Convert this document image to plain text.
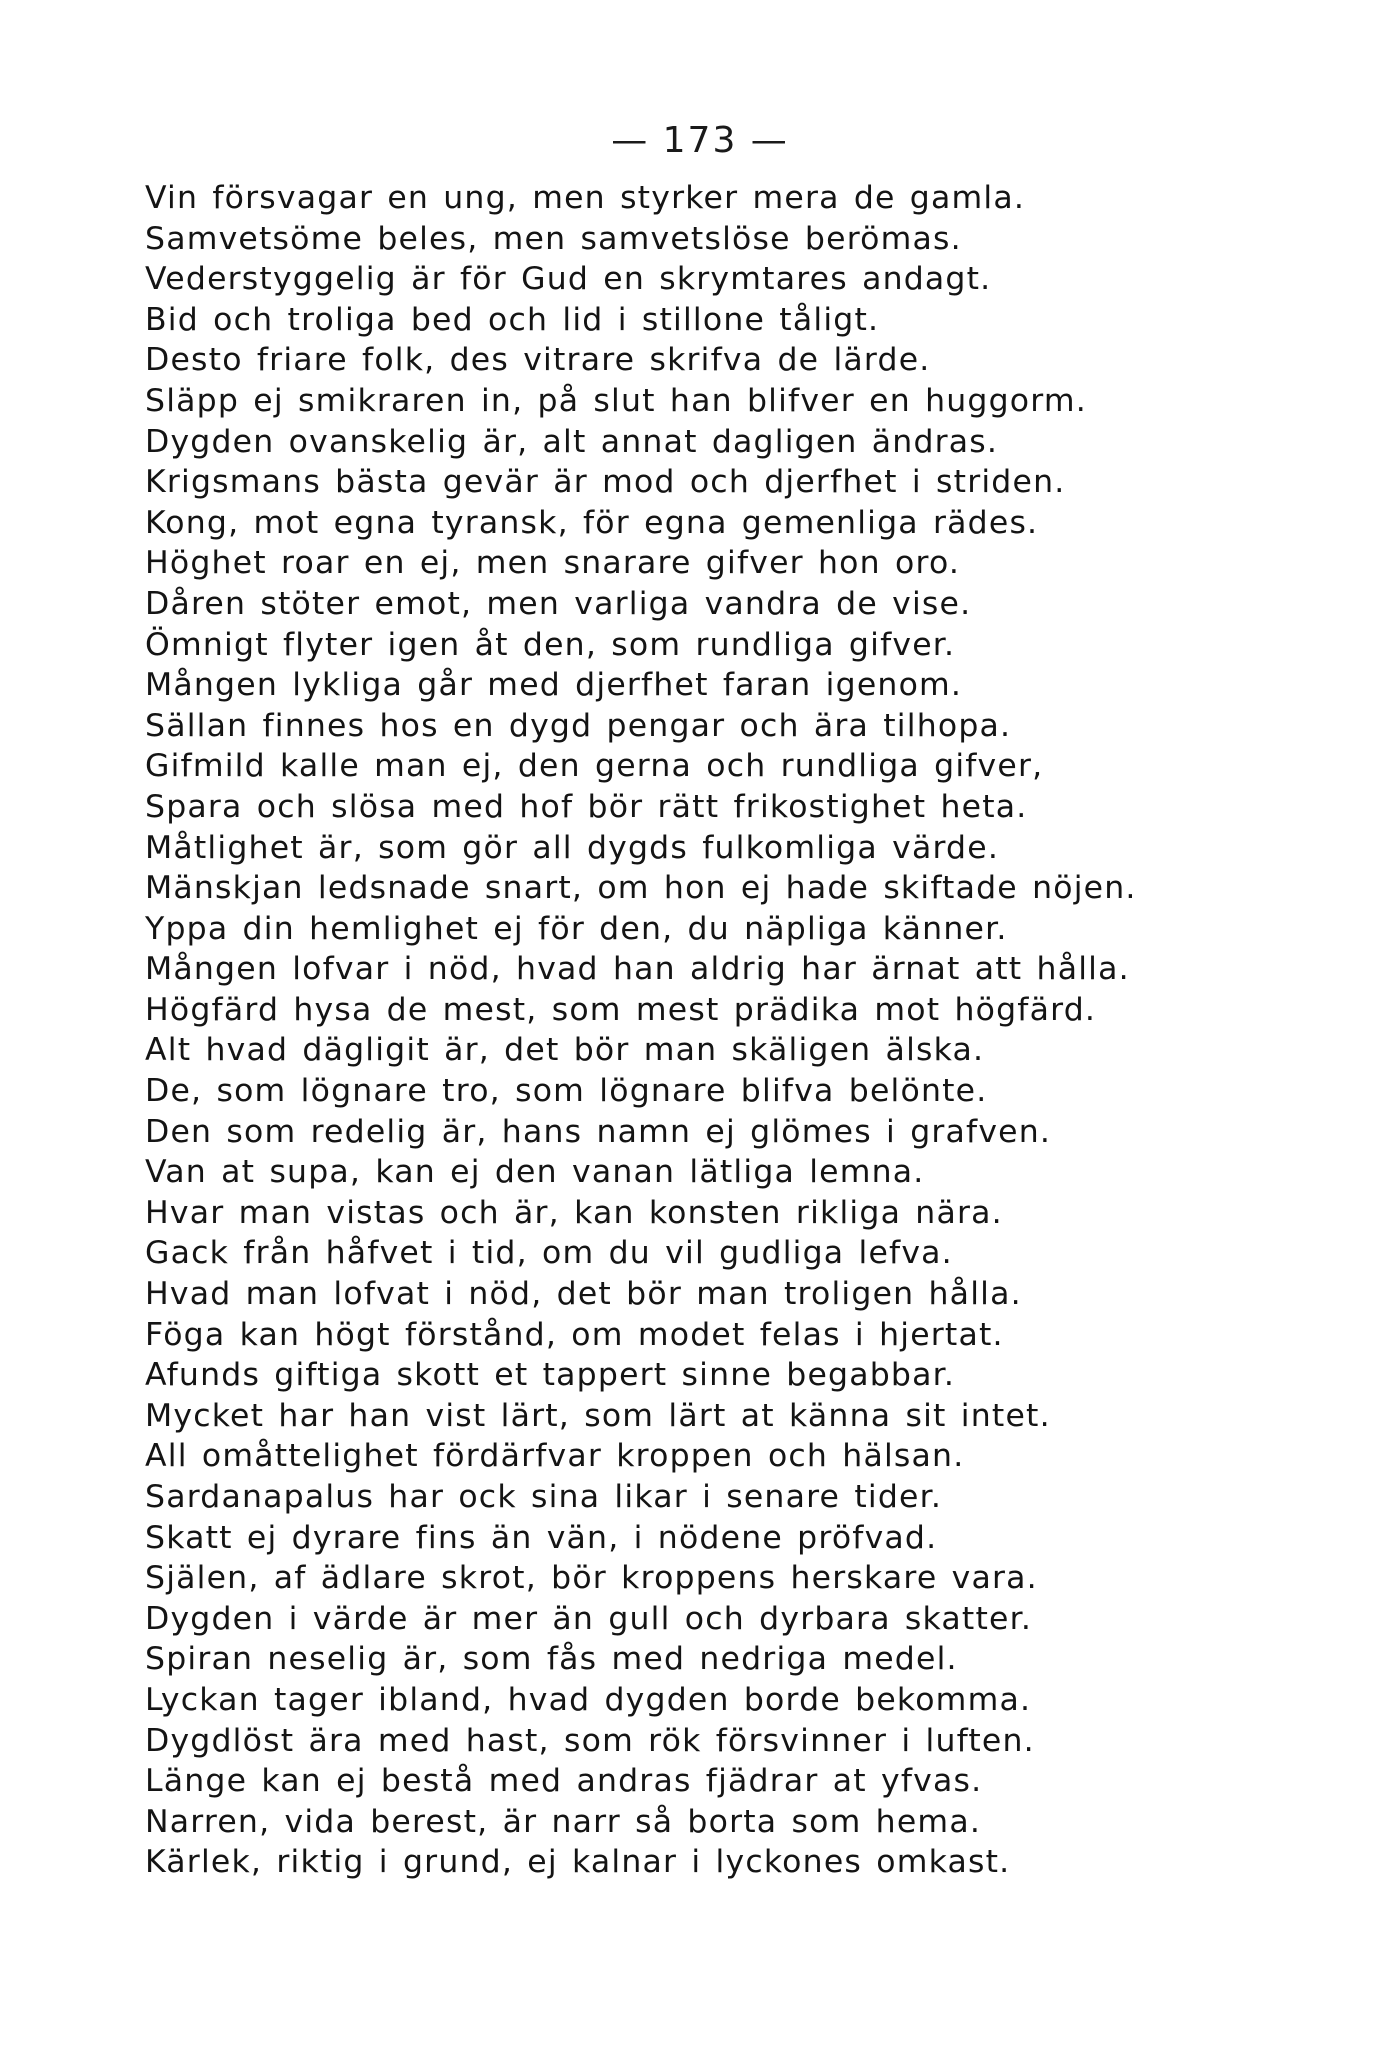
— 173 —
Vin försvagar en ung, men styrker mera de gamla.
Samvetsöme beles, men samvetslöse berömas.
Vederstyggelig är för Gud en skrymtares andagt.
Bid och troliga bed och lid i stillone tåligt.
Desto friare folk, des vitrare skrifva de lärde.
Släpp ej smikraren in, på slut han blifver en huggorm.
Dygden ovanskelig är, alt annat dagligen ändras.
Krigsmans bästa gevär är mod och djerfhet i striden.
Kong, mot egna tyransk, för egna gemenliga rädes.
Höghet roar en ej, men snarare gifver hon oro.
Dåren stöter emot, men varliga vandra de vise.
Ömnigt flyter igen åt den, som rundliga gifver.
Mången lykliga går med djerfhet faran igenom.
Sällan finnes hos en dygd pengar och ära tilhopa.
Gifmild kalle man ej, den gerna och rundliga gifver,
Spara och slösa med hof bör rätt frikostighet heta.
Måtlighet är, som gör all dygds fulkomliga värde.
Mänskjan ledsnade snart, om hon ej hade skiftade nöjen.
Yppa din hemlighet ej för den, du näpliga känner.
Mången lofvar i nöd, hvad han aldrig har ärnat att hålla.
Högfärd hysa de mest, som mest prädika mot högfärd.
Alt hvad dägligit är, det bör man skäligen älska.
De, som lögnare tro, som lögnare blifva belönte.
Den som redelig är, hans namn ej glömes i grafven.
Van at supa, kan ej den vanan lätliga lemna.
Hvar man vistas och är, kan konsten rikliga nära.
Gack från håfvet i tid, om du vil gudliga lefva.
Hvad man lofvat i nöd, det bör man troligen hålla.
Föga kan högt förstånd, om modet felas i hjertat.
Afunds giftiga skott et tappert sinne begabbar.
Mycket har han vist lärt, som lärt at känna sit intet.
All omåttelighet fördärfvar kroppen och hälsan.
Sardanapalus har ock sina likar i senare tider.
Skatt ej dyrare fins än vän, i nödene pröfvad.
Själen, af ädlare skrot, bör kroppens herskare vara.
Dygden i värde är mer än gull och dyrbara skatter.
Spiran neselig är, som fås med nedriga medel.
Lyckan tager ibland, hvad dygden borde bekomma.
Dygdlöst ära med hast, som rök försvinner i luften.
Länge kan ej bestå med andras fjädrar at yfvas.
Narren, vida berest, är narr så borta som hema.
Kärlek, riktig i grund, ej kalnar i lyckones omkast.
